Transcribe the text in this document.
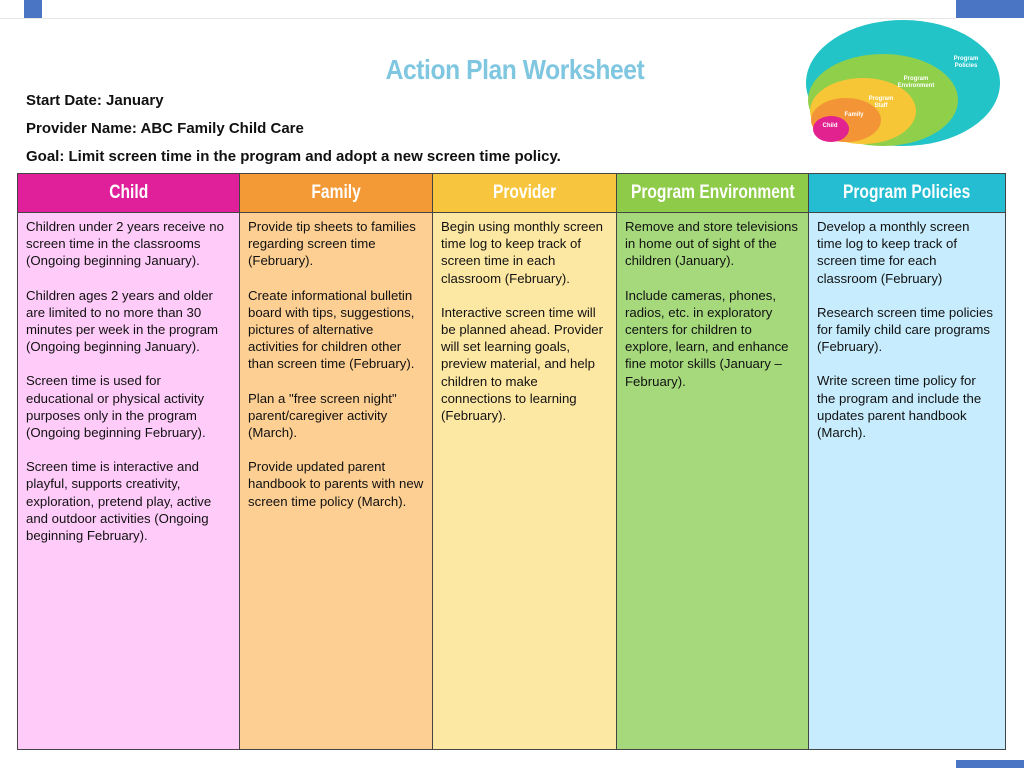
Action Plan Worksheet
Start Date: January
Provider Name: ABC Family Child Care
Goal: Limit screen time in the program and adopt a new screen time policy.
Program Policies
Program Environment
Program Staff
Family
Child
Child

Children under 2 years receive no screen time in the classrooms (Ongoing beginning January).

Children ages 2 years and older are limited to no more than 30 minutes per week in the program (Ongoing beginning January).

Screen time is used for educational or physical activity purposes only in the program (Ongoing beginning February).

Screen time is interactive and playful, supports creativity, exploration, pretend play, active and outdoor activities (Ongoing beginning February).

Family

Provide tip sheets to families regarding screen time (February).

Create informational bulletin board with tips, suggestions, pictures of alternative activities for children other than screen time (February).

Plan a "free screen night" parent/caregiver activity (March).

Provide updated parent handbook to parents with new screen time policy (March).

Provider

Begin using monthly screen time log to keep track of screen time in each classroom (February).

Interactive screen time will be planned ahead. Provider will set learning goals, preview material, and help children to make connections to learning (February).

Program Environment

Remove and store televisions in home out of sight of the children (January).

Include cameras, phones, radios, etc. in exploratory centers for children to explore, learn, and enhance fine motor skills (January – February).

Program Policies

Develop a monthly screen time log to keep track of screen time for each classroom (February)

Research screen time policies for family child care programs (February).

Write screen time policy for the program and include the updates parent handbook (March).
